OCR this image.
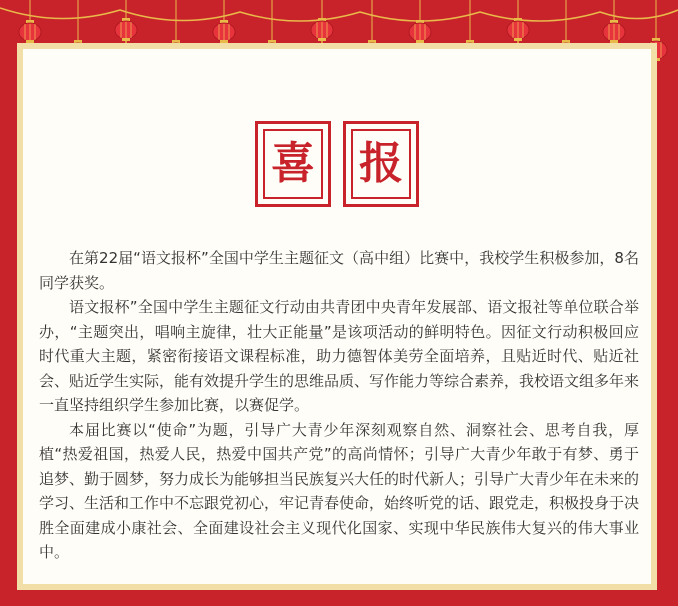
喜 报

在第22届“语文报杯”全国中学生主题征文（高中组）比赛中，我校学生积极参加，8名同学获奖。

语文报杯”全国中学生主题征文行动由共青团中央青年发展部、语文报社等单位联合举办，“主题突出，唱响主旋律，壮大正能量”是该项活动的鲜明特色。因征文行动积极回应时代重大主题，紧密衔接语文课程标准，助力德智体美劳全面培养，且贴近时代、贴近社会、贴近学生实际，能有效提升学生的思维品质、写作能力等综合素养，我校语文组多年来一直坚持组织学生参加比赛，以赛促学。

本届比赛以“使命”为题，引导广大青少年深刻观察自然、洞察社会、思考自我，厚植“热爱祖国，热爱人民，热爱中国共产党”的高尚情怀；引导广大青少年敢于有梦、勇于追梦、勤于圆梦，努力成长为能够担当民族复兴大任的时代新人；引导广大青少年在未来的学习、生活和工作中不忘跟党初心，牢记青春使命，始终听党的话、跟党走，积极投身于决胜全面建成小康社会、全面建设社会主义现代化国家、实现中华民族伟大复兴的伟大事业中。
